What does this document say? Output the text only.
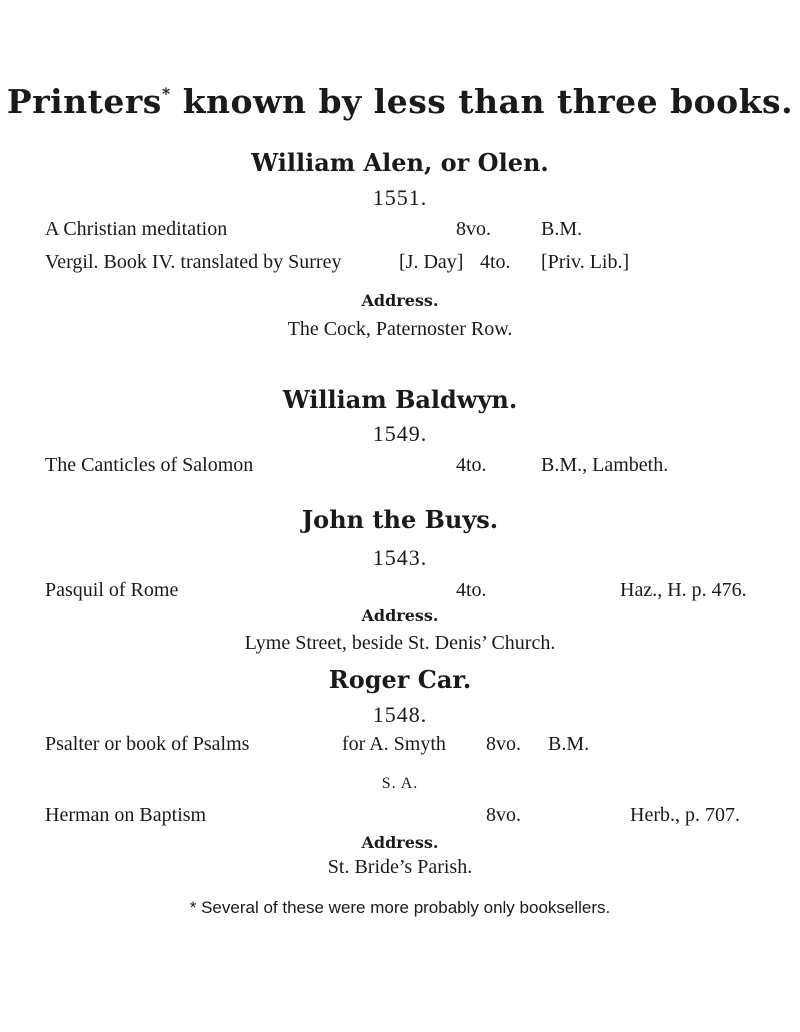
Printers* known by less than three books.
William Alen, or Olen.
1551.
A Christian meditation	8vo.	B.M.
Vergil. Book IV. translated by Surrey	[J. Day] 4to. [Priv. Lib.]
Address.
The Cock, Paternoster Row.
William Baldwyn.
1549.
The Canticles of Salomon	4to.	B.M., Lambeth.
John the Buys.
1543.
Pasquil of Rome	4to.	Haz., H. p. 476.
Address.
Lyme Street, beside St. Denis’ Church.
Roger Car.
1548.
Psalter or book of Psalms	for A. Smyth 8vo. B.M.
S. A.
Herman on Baptism	8vo.	Herb., p. 707.
Address.
St. Bride’s Parish.
* Several of these were more probably only booksellers.
